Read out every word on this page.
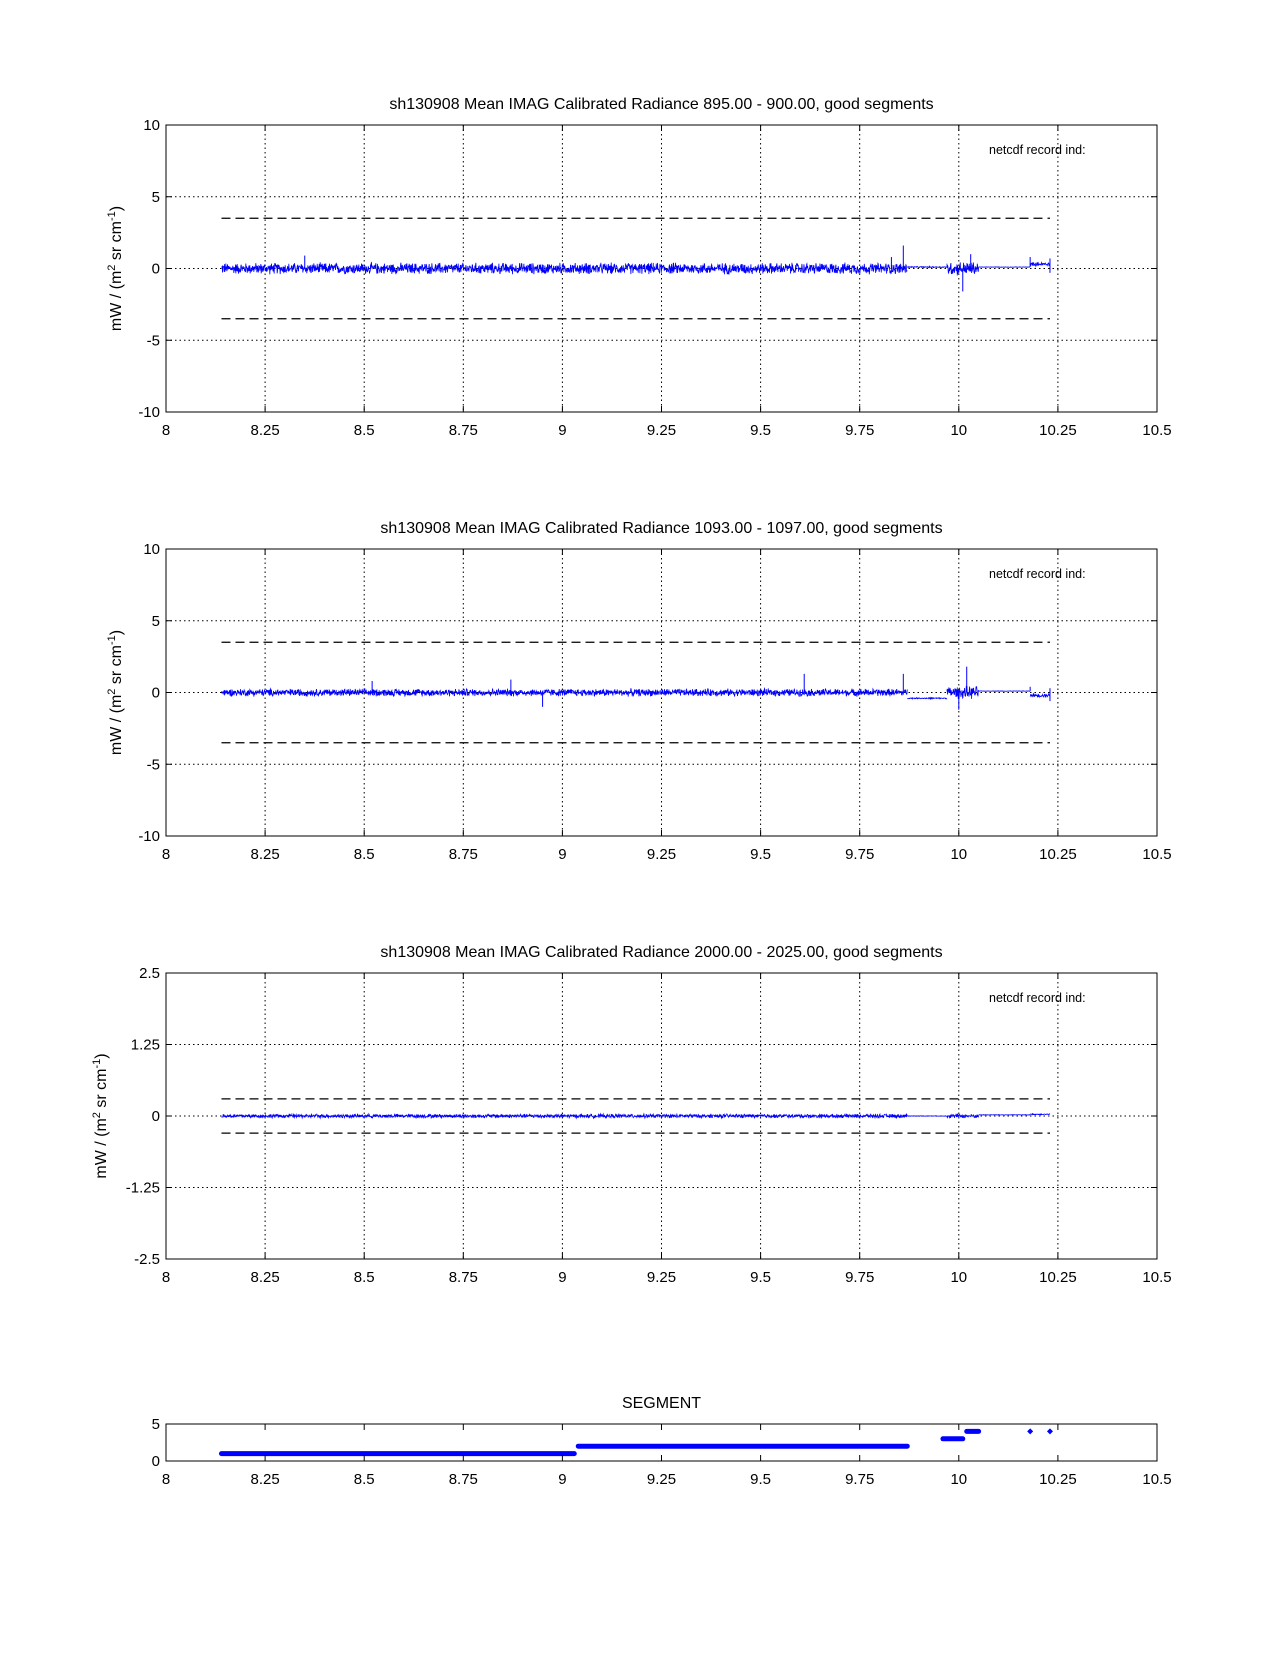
8	8.25	8.5	8.75	9	9.25	9.5	9.75	10	10.25	10.5
10
5
0
-5
-10
sh130908 Mean IMAG Calibrated Radiance 895.00 - 900.00, good segments
netcdf record ind:
mW / ($m^2$ sr $cm^{-1}$)
8	8.25	8.5	8.75	9	9.25	9.5	9.75	10	10.25	10.5
10
5
0
-5
-10
sh130908 Mean IMAG Calibrated Radiance 1093.00 - 1097.00, good segments
netcdf record ind:
mW / ($m^2$ sr $cm^{-1}$)
8	8.25	8.5	8.75	9	9.25	9.5	9.75	10	10.25	10.5
2.5
1.25
0
-1.25
-2.5
sh130908 Mean IMAG Calibrated Radiance 2000.00 - 2025.00, good segments
netcdf record ind:
mW / ($m^2$ sr $cm^{-1}$)
8	8.25	8.5	8.75	9	9.25	9.5	9.75	10	10.25	10.5
5
0
SEGMENT
